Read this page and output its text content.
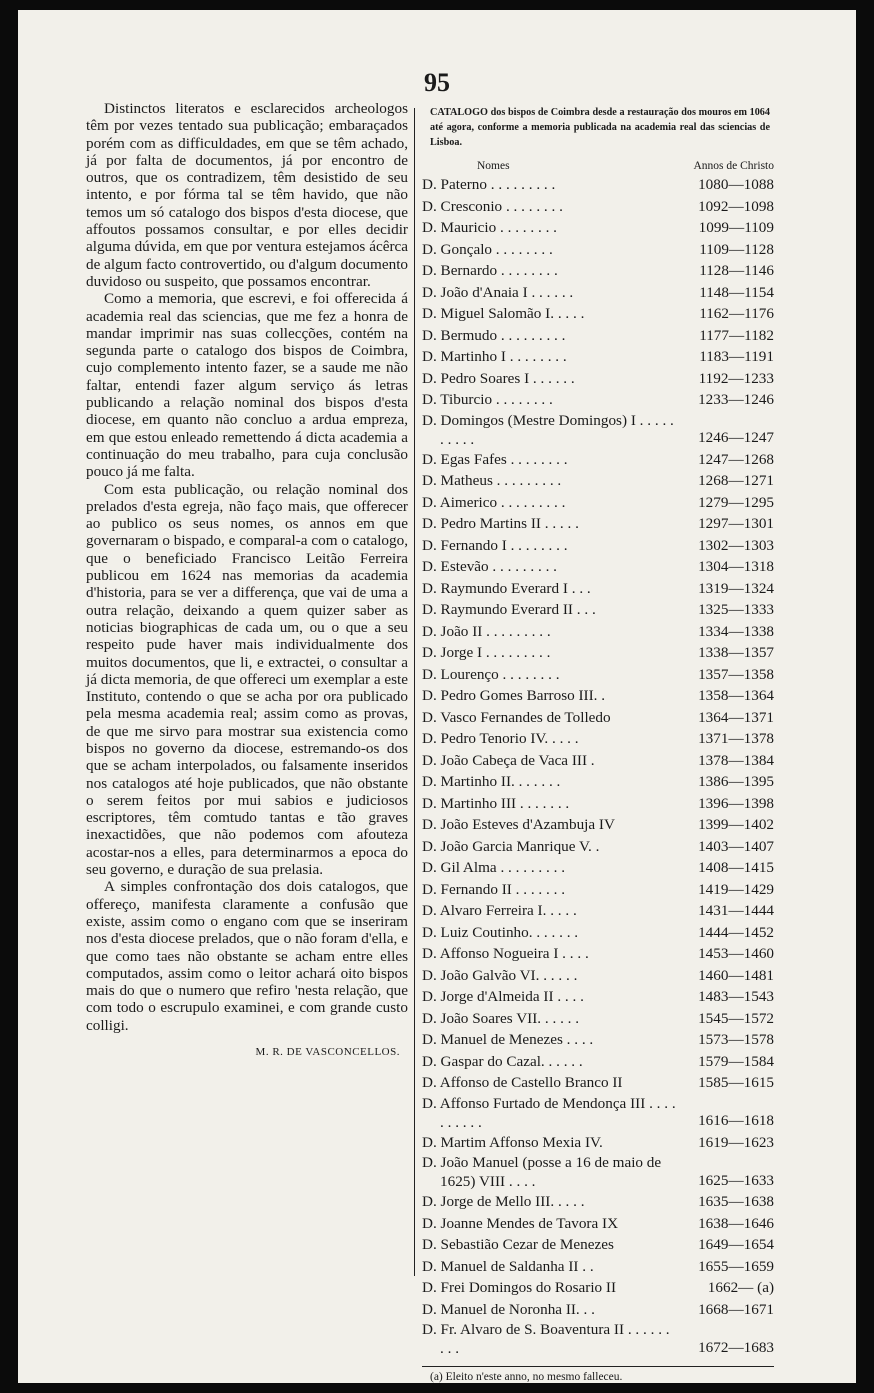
95

Distinctos literatos e esclarecidos archeologos têm por vezes tentado sua publicação; embaraçados porém com as difficuldades, em que se têm achado, já por falta de documentos, já por encontro de outros, que os contradizem, têm desistido de seu intento, e por fórma tal se têm havido, que não temos um só catalogo dos bispos d'esta diocese, que affoutos possamos consultar, e por elles decidir alguma dúvida, em que por ventura estejamos ácêrca de algum facto controvertido, ou d'algum documento duvidoso ou suspeito, que possamos encontrar.

Como a memoria, que escrevi, e foi offerecida á academia real das sciencias, que me fez a honra de mandar imprimir nas suas collecções, contém na segunda parte o catalogo dos bispos de Coimbra, cujo complemento intento fazer, se a saude me não faltar, entendi fazer algum serviço ás letras publicando a relação nominal dos bispos d'esta diocese, em quanto não concluo a ardua empreza, em que estou enleado remettendo á dicta academia a continuação do meu trabalho, para cuja conclusão pouco já me falta.

Com esta publicação, ou relação nominal dos prelados d'esta egreja, não faço mais, que offerecer ao publico os seus nomes, os annos em que governaram o bispado, e comparal-a com o catalogo, que o beneficiado Francisco Leitão Ferreira publicou em 1624 nas memorias da academia d'historia, para se ver a differença, que vai de uma a outra relação, deixando a quem quizer saber as noticias biographicas de cada um, ou o que a seu respeito pude haver mais individualmente dos muitos documentos, que li, e extractei, o consultar a já dicta memoria, de que offereci um exemplar a este Instituto, contendo o que se acha por ora publicado pela mesma academia real; assim como as provas, de que me sirvo para mostrar sua existencia como bispos no governo da diocese, estremando-os dos que se acham interpolados, ou falsamente inseridos nos catalogos até hoje publicados, que não obstante o serem feitos por mui sabios e judiciosos escriptores, têm comtudo tantas e tão graves inexactidões, que não podemos com afouteza acostar-nos a elles, para determinarmos a epoca do seu governo, e duração de sua prelasia.

A simples confrontação dos dois catalogos, que offereço, manifesta claramente a confusão que existe, assim como o engano com que se inseriram nos d'esta diocese prelados, que o não foram d'ella, e que como taes não obstante se acham entre elles computados, assim como o leitor achará oito bispos mais do que o numero que refiro 'nesta relação, que com todo o escrupulo examinei, e com grande custo colligi.

M. R. DE VASCONCELLOS.
CATALOGO dos bispos de Coimbra desde a restauração dos mouros em 1064 até agora, conforme a memoria publicada na academia real das sciencias de Lisboa.
Nomes	Annos de Christo
D. Paterno . . . . . . . . .	1080—1088
D. Cresconio . . . . . . . .	1092—1098
D. Mauricio . . . . . . . .	1099—1109
D. Gonçalo . . . . . . . .	1109—1128
D. Bernardo . . . . . . . .	1128—1146
D. João d'Anaia I . . . . . .	1148—1154
D. Miguel Salomão I. . . . .	1162—1176
D. Bermudo . . . . . . . . .	1177—1182
D. Martinho I . . . . . . . .	1183—1191
D. Pedro Soares I . . . . . .	1192—1233
D. Tiburcio . . . . . . . .	1233—1246
D. Domingos (Mestre Domingos) I . . . . . . . . . .	1246—1247
D. Egas Fafes . . . . . . . .	1247—1268
D. Matheus . . . . . . . . .	1268—1271
D. Aimerico . . . . . . . . .	1279—1295
D. Pedro Martins II . . . . .	1297—1301
D. Fernando I . . . . . . . .	1302—1303
D. Estevão . . . . . . . . .	1304—1318
D. Raymundo Everard I . . .	1319—1324
D. Raymundo Everard II . . .	1325—1333
D. João II . . . . . . . . .	1334—1338
D. Jorge I . . . . . . . . .	1338—1357
D. Lourenço . . . . . . . .	1357—1358
D. Pedro Gomes Barroso III. .	1358—1364
D. Vasco Fernandes de Tolledo	1364—1371
D. Pedro Tenorio IV. . . . .	1371—1378
D. João Cabeça de Vaca III .	1378—1384
D. Martinho II. . . . . . .	1386—1395
D. Martinho III . . . . . . .	1396—1398
D. João Esteves d'Azambuja IV	1399—1402
D. João Garcia Manrique V. .	1403—1407
D. Gil Alma . . . . . . . . .	1408—1415
D. Fernando II . . . . . . .	1419—1429
D. Alvaro Ferreira I. . . . .	1431—1444
D. Luiz Coutinho. . . . . . .	1444—1452
D. Affonso Nogueira I . . . .	1453—1460
D. João Galvão VI. . . . . .	1460—1481
D. Jorge d'Almeida II . . . .	1483—1543
D. João Soares VII. . . . . .	1545—1572
D. Manuel de Menezes . . . .	1573—1578
D. Gaspar do Cazal. . . . . .	1579—1584
D. Affonso de Castello Branco II	1585—1615
D. Affonso Furtado de Mendonça III . . . . . . . . . .	1616—1618
D. Martim Affonso Mexia IV.	1619—1623
D. João Manuel (posse a 16 de maio de 1625) VIII . . . .	1625—1633
D. Jorge de Mello III. . . . .	1635—1638
D. Joanne Mendes de Tavora IX	1638—1646
D. Sebastião Cezar de Menezes	1649—1654
D. Manuel de Saldanha II . .	1655—1659
D. Frei Domingos do Rosario II	1662— (a)
D. Manuel de Noronha II. . .	1668—1671
D. Fr. Alvaro de S. Boaventura II . . . . . . . . .	1672—1683
(a) Eleito n'este anno, no mesmo falleceu.
